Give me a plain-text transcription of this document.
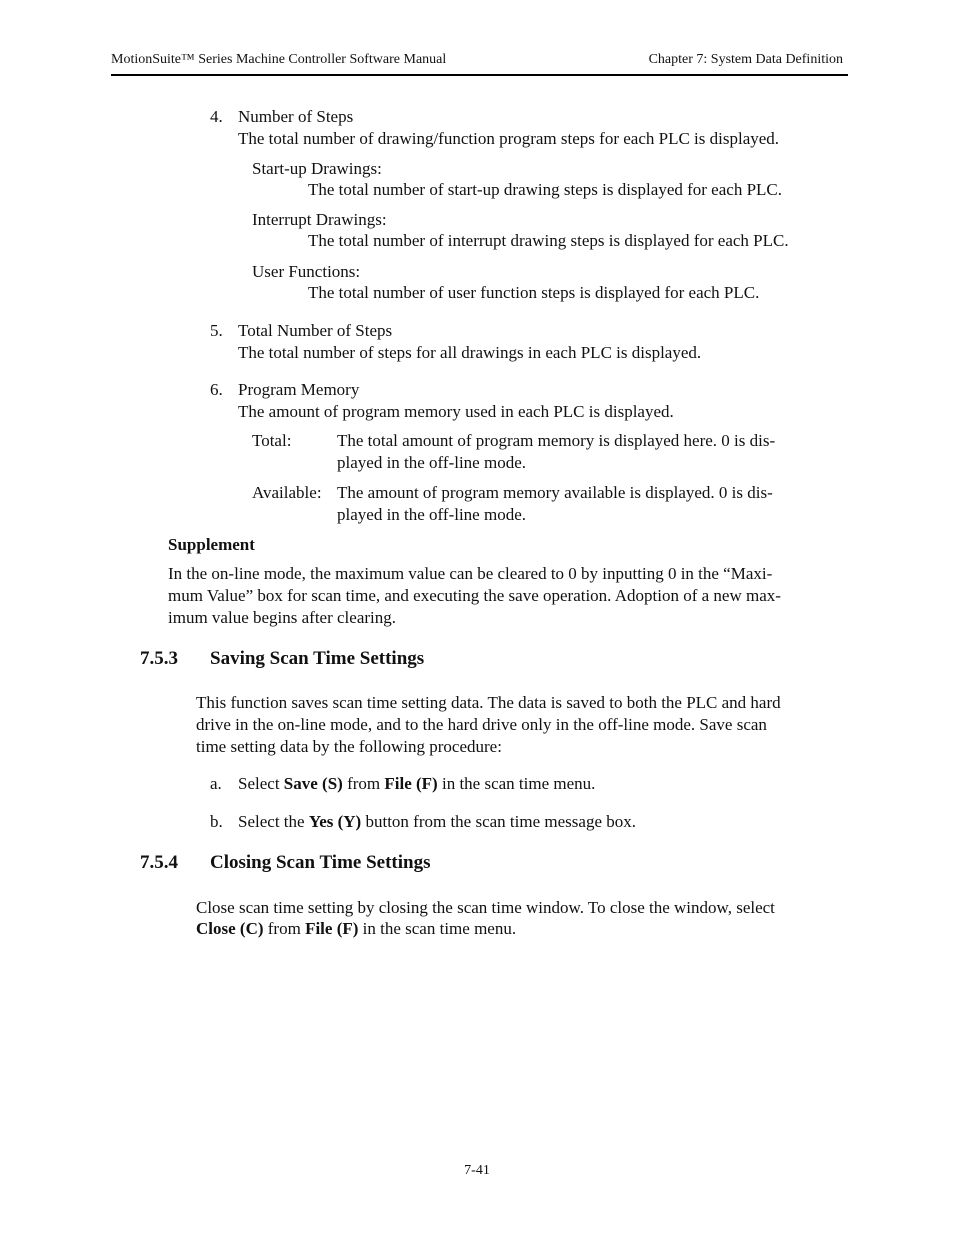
MotionSuite™ Series Machine Controller Software Manual	Chapter 7: System Data Definition
4. Number of Steps
The total number of drawing/function program steps for each PLC is displayed.
Start-up Drawings:
The total number of start-up drawing steps is displayed for each PLC.
Interrupt Drawings:
The total number of interrupt drawing steps is displayed for each PLC.
User Functions:
The total number of user function steps is displayed for each PLC.
5. Total Number of Steps
The total number of steps for all drawings in each PLC is displayed.
6. Program Memory
The amount of program memory used in each PLC is displayed.
Total:	The total amount of program memory is displayed here. 0 is dis-
played in the off-line mode.
Available: The amount of program memory available is displayed. 0 is dis-
played in the off-line mode.
Supplement
In the on-line mode, the maximum value can be cleared to 0 by inputting 0 in the “Maxi-
mum Value” box for scan time, and executing the save operation. Adoption of a new max-
imum value begins after clearing.
7.5.3 Saving Scan Time Settings
This function saves scan time setting data. The data is saved to both the PLC and hard
drive in the on-line mode, and to the hard drive only in the off-line mode. Save scan
time setting data by the following procedure:
a. Select Save (S) from File (F) in the scan time menu.
b. Select the Yes (Y) button from the scan time message box.
7.5.4 Closing Scan Time Settings
Close scan time setting by closing the scan time window. To close the window, select
Close (C) from File (F) in the scan time menu.
7-41
